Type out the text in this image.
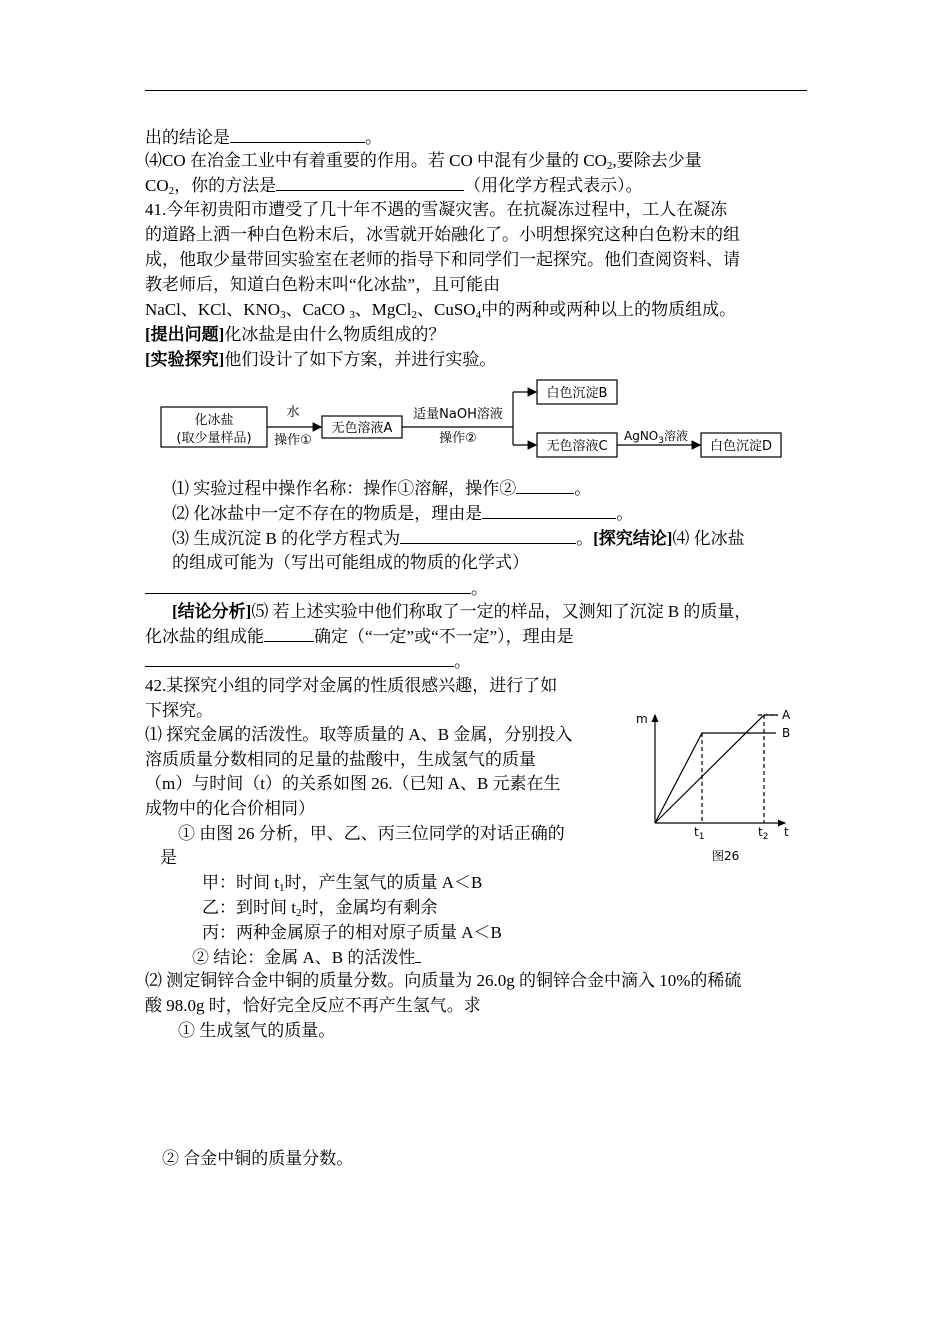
出的结论是	。
⑷CO 在冶金工业中有着重要的作用。若 CO 中混有少量的 $CO_2$,要除去少量
$CO_2$，你的方法是	（用化学方程式表示）。
41.今年初贵阳市遭受了几十年不遇的雪凝灾害。在抗凝冻过程中，工人在凝冻
的道路上洒一种白色粉末后，冰雪就开始融化了。小明想探究这种白色粉末的组
成，他取少量带回实验室在老师的指导下和同学们一起探究。他们查阅资料、请
教老师后，知道白色粉末叫“化冰盐”，且可能由
NaCl、KCl、$KNO_3$、CaCO $_3$、MgCl$_2$、CuSO$_4$中的两种或两种以上的物质组成。
[提出问题]化冰盐是由什么物质组成的？
[实验探究]他们设计了如下方案，并进行实验。
化冰盐
(取少量样品)
水
操作①
无色溶液A
适量NaOH溶液
操作②
白色沉淀B
无色溶液C
AgNO$_3$溶液
白色沉淀D
⑴ 实验过程中操作名称：操作①溶解，操作②	。
⑵ 化冰盐中一定不存在的物质是，理由是	。
⑶ 生成沉淀 B 的化学方程式为	。[探究结论]⑷ 化冰盐
的组成可能为（写出可能组成的物质的化学式）
。
[结论分析]⑸ 若上述实验中他们称取了一定的样品，又测知了沉淀 B 的质量，
化冰盐的组成能	确定（“一定”或“不一定”），理由是
。
42.某探究小组的同学对金属的性质很感兴趣，进行了如
下探究。
⑴ 探究金属的活泼性。取等质量的 A、B 金属，分别投入
溶质质量分数相同的足量的盐酸中，生成氢气的质量
（m）与时间（t）的关系如图 26.（已知 A、B 元素在生
成物中的化合价相同）
① 由图 26 分析，甲、乙、丙三位同学的对话正确的
是
甲：时间 $t_1$时，产生氢气的质量 A＜B
乙：到时间 $t_2$时，金属均有剩余
丙：两种金属原子的相对原子质量 A＜B
② 结论：金属 A、B 的活泼性
⑵ 测定铜锌合金中铜的质量分数。向质量为 26.0g 的铜锌合金中滴入 10%的稀硫
酸 98.0g 时，恰好完全反应不再产生氢气。求
① 生成氢气的质量。
② 合金中铜的质量分数。
m
t
A
B
$t_1$	$t_2$
图26
